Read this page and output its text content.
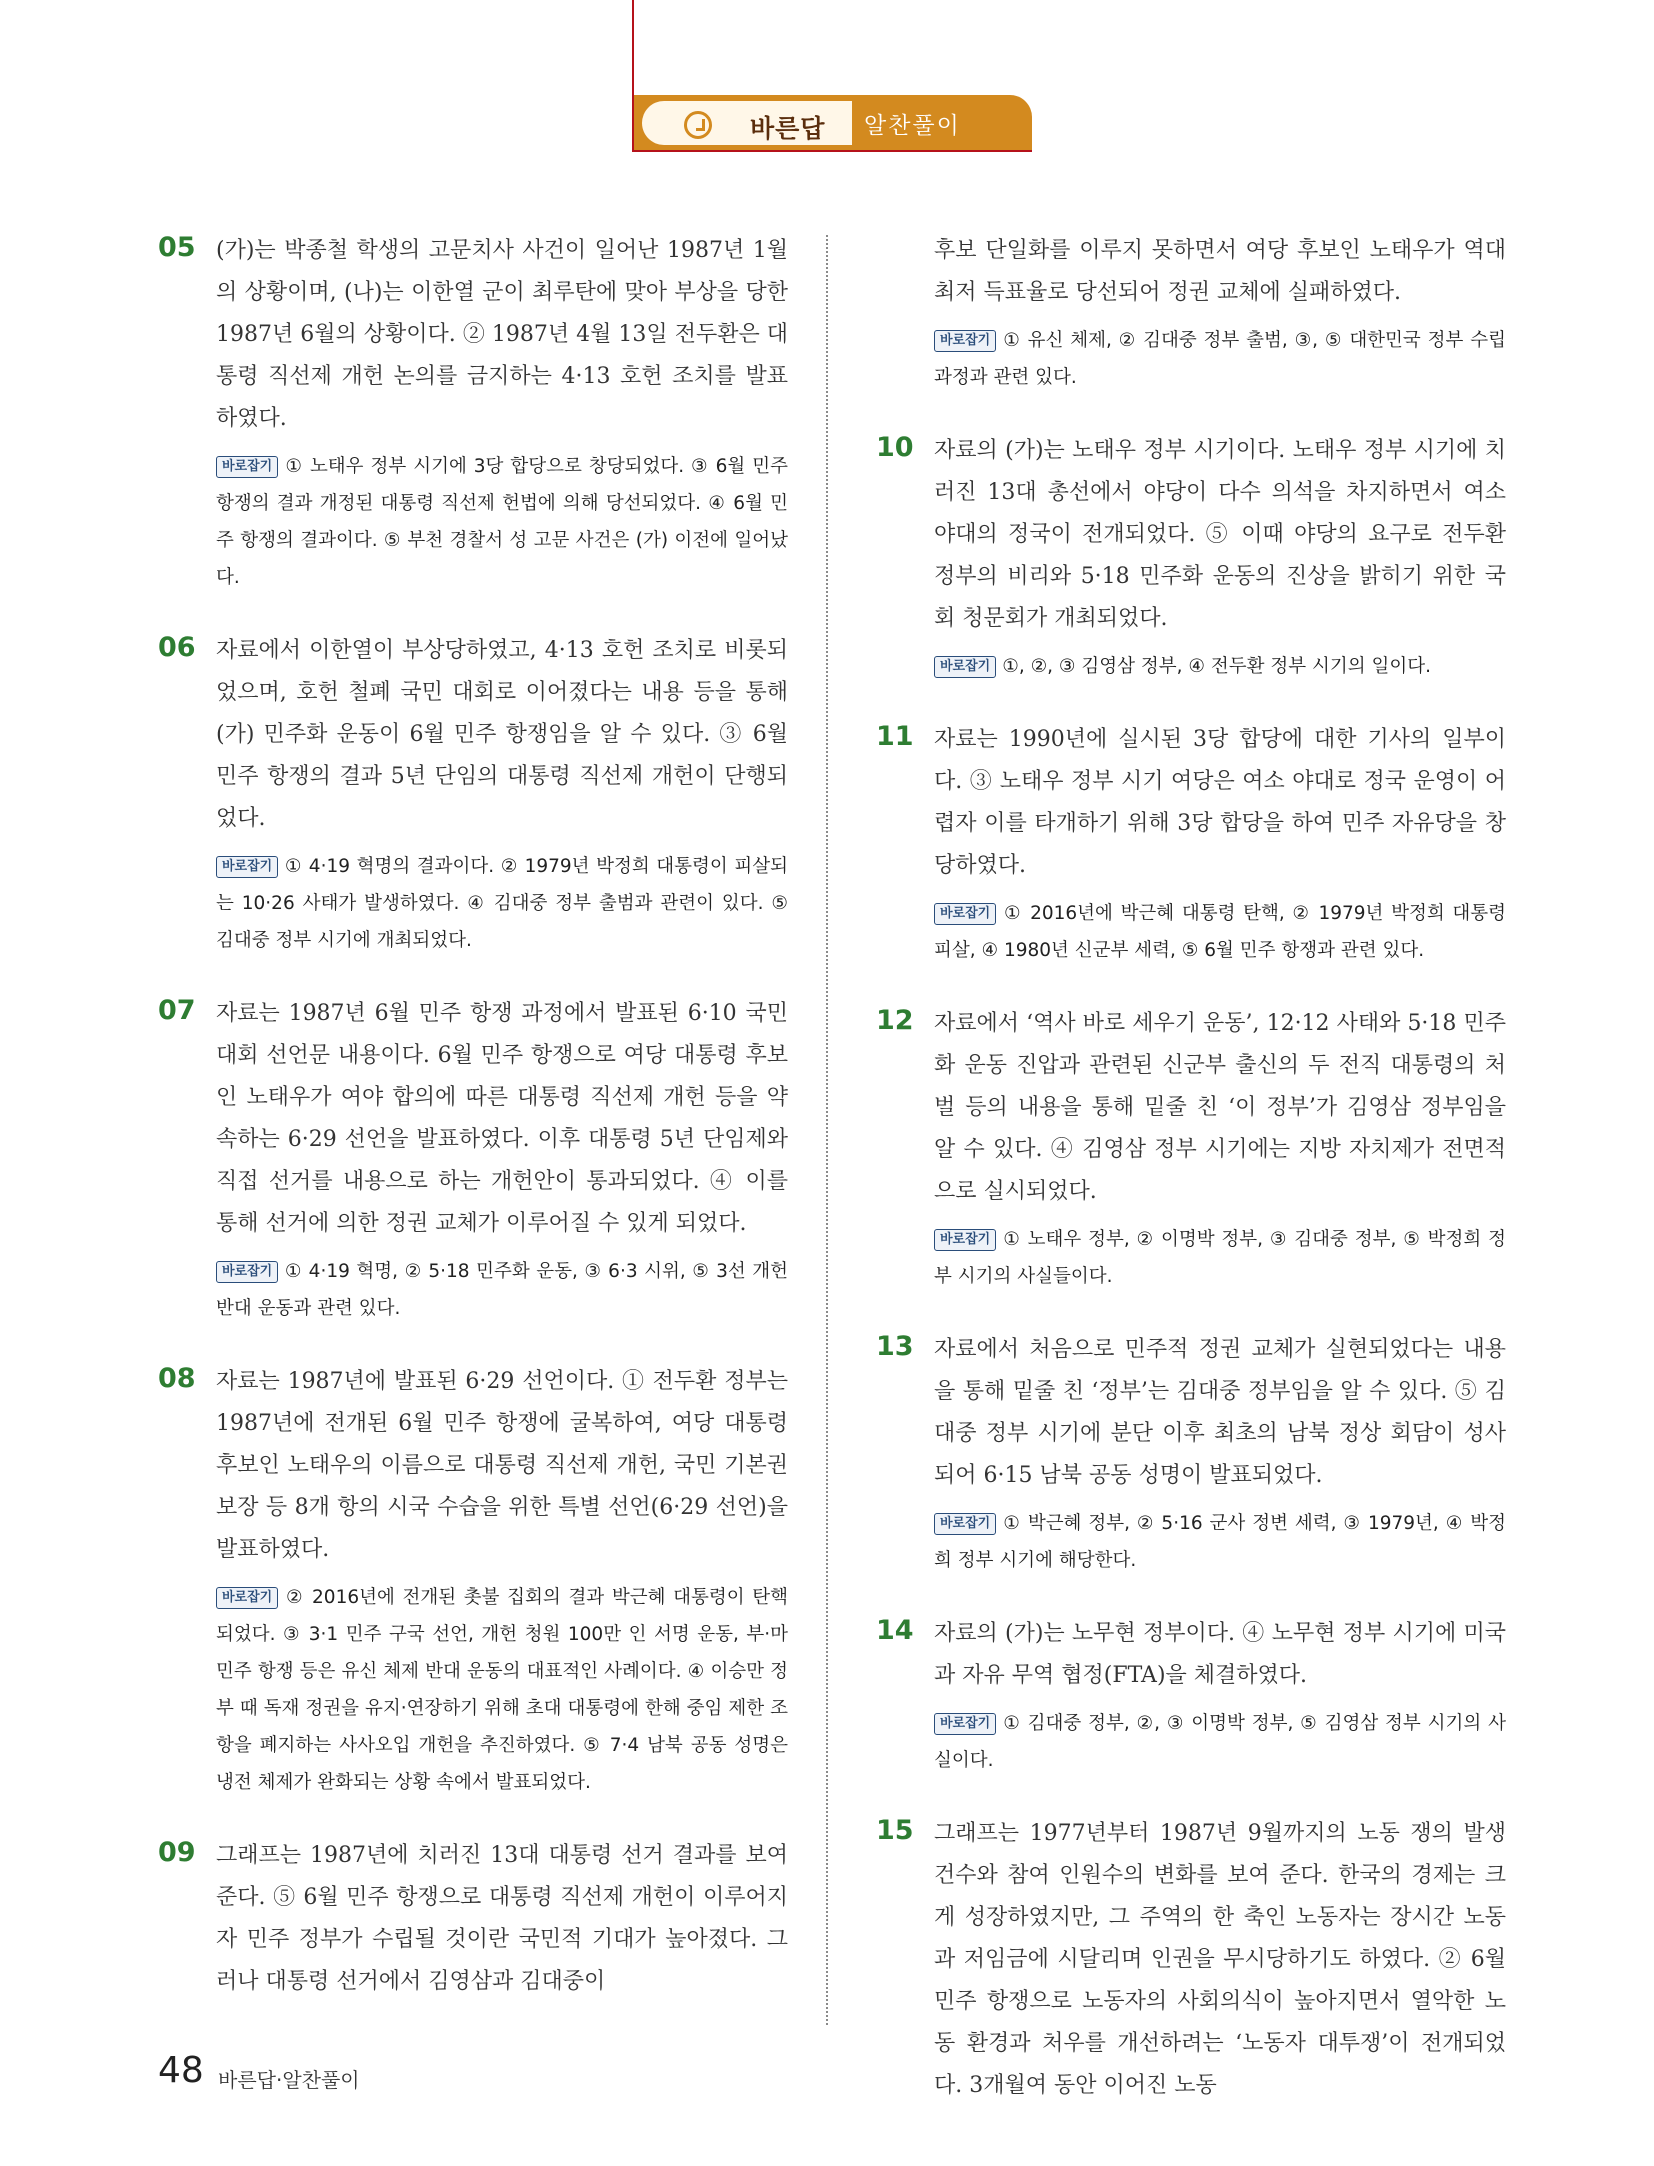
바른답 알찬풀이
05 (가)는 박종철 학생의 고문치사 사건이 일어난 1987년 1월의 상황이며, (나)는 이한열 군이 최루탄에 맞아 부상을 당한 1987년 6월의 상황이다. ② 1987년 4월 13일 전두환은 대통령 직선제 개헌 논의를 금지하는 4·13 호헌 조치를 발표하였다.
바로잡기 ① 노태우 정부 시기에 3당 합당으로 창당되었다. ③ 6월 민주 항쟁의 결과 개정된 대통령 직선제 헌법에 의해 당선되었다. ④ 6월 민주 항쟁의 결과이다. ⑤ 부천 경찰서 성 고문 사건은 (가) 이전에 일어났다.
06 자료에서 이한열이 부상당하였고, 4·13 호헌 조치로 비롯되었으며, 호헌 철폐 국민 대회로 이어졌다는 내용 등을 통해 (가) 민주화 운동이 6월 민주 항쟁임을 알 수 있다. ③ 6월 민주 항쟁의 결과 5년 단임의 대통령 직선제 개헌이 단행되었다.
바로잡기 ① 4·19 혁명의 결과이다. ② 1979년 박정희 대통령이 피살되는 10·26 사태가 발생하였다. ④ 김대중 정부 출범과 관련이 있다. ⑤ 김대중 정부 시기에 개최되었다.
07 자료는 1987년 6월 민주 항쟁 과정에서 발표된 6·10 국민 대회 선언문 내용이다. 6월 민주 항쟁으로 여당 대통령 후보인 노태우가 여야 합의에 따른 대통령 직선제 개헌 등을 약속하는 6·29 선언을 발표하였다. 이후 대통령 5년 단임제와 직접 선거를 내용으로 하는 개헌안이 통과되었다. ④ 이를 통해 선거에 의한 정권 교체가 이루어질 수 있게 되었다.
바로잡기 ① 4·19 혁명, ② 5·18 민주화 운동, ③ 6·3 시위, ⑤ 3선 개헌 반대 운동과 관련 있다.
08 자료는 1987년에 발표된 6·29 선언이다. ① 전두환 정부는 1987년에 전개된 6월 민주 항쟁에 굴복하여, 여당 대통령 후보인 노태우의 이름으로 대통령 직선제 개헌, 국민 기본권 보장 등 8개 항의 시국 수습을 위한 특별 선언(6·29 선언)을 발표하였다.
바로잡기 ② 2016년에 전개된 촛불 집회의 결과 박근혜 대통령이 탄핵되었다. ③ 3·1 민주 구국 선언, 개헌 청원 100만 인 서명 운동, 부·마 민주 항쟁 등은 유신 체제 반대 운동의 대표적인 사례이다. ④ 이승만 정부 때 독재 정권을 유지·연장하기 위해 초대 대통령에 한해 중임 제한 조항을 폐지하는 사사오입 개헌을 추진하였다. ⑤ 7·4 남북 공동 성명은 냉전 체제가 완화되는 상황 속에서 발표되었다.
09 그래프는 1987년에 치러진 13대 대통령 선거 결과를 보여 준다. ⑤ 6월 민주 항쟁으로 대통령 직선제 개헌이 이루어지자 민주 정부가 수립될 것이란 국민적 기대가 높아졌다. 그러나 대통령 선거에서 김영삼과 김대중이
후보 단일화를 이루지 못하면서 여당 후보인 노태우가 역대 최저 득표율로 당선되어 정권 교체에 실패하였다.
바로잡기 ① 유신 체제, ② 김대중 정부 출범, ③, ⑤ 대한민국 정부 수립 과정과 관련 있다.
10 자료의 (가)는 노태우 정부 시기이다. 노태우 정부 시기에 치러진 13대 총선에서 야당이 다수 의석을 차지하면서 여소 야대의 정국이 전개되었다. ⑤ 이때 야당의 요구로 전두환 정부의 비리와 5·18 민주화 운동의 진상을 밝히기 위한 국회 청문회가 개최되었다.
바로잡기 ①, ②, ③ 김영삼 정부, ④ 전두환 정부 시기의 일이다.
11 자료는 1990년에 실시된 3당 합당에 대한 기사의 일부이다. ③ 노태우 정부 시기 여당은 여소 야대로 정국 운영이 어렵자 이를 타개하기 위해 3당 합당을 하여 민주 자유당을 창당하였다.
바로잡기 ① 2016년에 박근혜 대통령 탄핵, ② 1979년 박정희 대통령 피살, ④ 1980년 신군부 세력, ⑤ 6월 민주 항쟁과 관련 있다.
12 자료에서 ‘역사 바로 세우기 운동’, 12·12 사태와 5·18 민주화 운동 진압과 관련된 신군부 출신의 두 전직 대통령의 처벌 등의 내용을 통해 밑줄 친 ‘이 정부’가 김영삼 정부임을 알 수 있다. ④ 김영삼 정부 시기에는 지방 자치제가 전면적으로 실시되었다.
바로잡기 ① 노태우 정부, ② 이명박 정부, ③ 김대중 정부, ⑤ 박정희 정부 시기의 사실들이다.
13 자료에서 처음으로 민주적 정권 교체가 실현되었다는 내용을 통해 밑줄 친 ‘정부’는 김대중 정부임을 알 수 있다. ⑤ 김대중 정부 시기에 분단 이후 최초의 남북 정상 회담이 성사되어 6·15 남북 공동 성명이 발표되었다.
바로잡기 ① 박근혜 정부, ② 5·16 군사 정변 세력, ③ 1979년, ④ 박정희 정부 시기에 해당한다.
14 자료의 (가)는 노무현 정부이다. ④ 노무현 정부 시기에 미국과 자유 무역 협정(FTA)을 체결하였다.
바로잡기 ① 김대중 정부, ②, ③ 이명박 정부, ⑤ 김영삼 정부 시기의 사실이다.
15 그래프는 1977년부터 1987년 9월까지의 노동 쟁의 발생 건수와 참여 인원수의 변화를 보여 준다. 한국의 경제는 크게 성장하였지만, 그 주역의 한 축인 노동자는 장시간 노동과 저임금에 시달리며 인권을 무시당하기도 하였다. ② 6월 민주 항쟁으로 노동자의 사회의식이 높아지면서 열악한 노동 환경과 처우를 개선하려는 ‘노동자 대투쟁’이 전개되었다. 3개월여 동안 이어진 노동
48 바른답·알찬풀이
